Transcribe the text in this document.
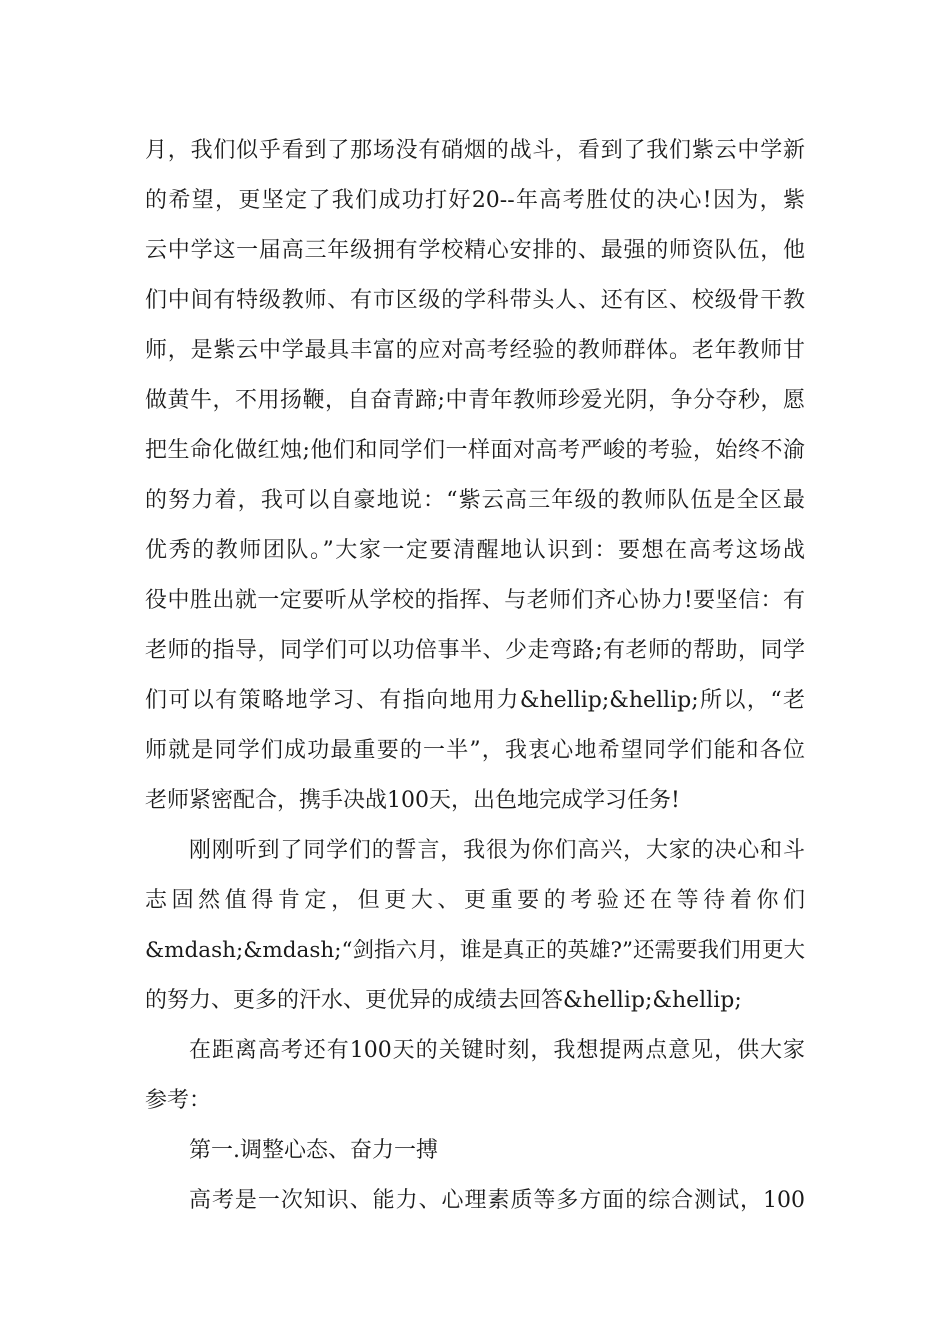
月，我们似乎看到了那场没有硝烟的战斗，看到了我们紫云中学新
的希望，更坚定了我们成功打好20--年高考胜仗的决心!因为，紫
云中学这一届高三年级拥有学校精心安排的、最强的师资队伍，他
们中间有特级教师、有市区级的学科带头人、还有区、校级骨干教
师，是紫云中学最具丰富的应对高考经验的教师群体。老年教师甘
做黄牛，不用扬鞭，自奋青蹄;中青年教师珍爱光阴，争分夺秒，愿
把生命化做红烛;他们和同学们一样面对高考严峻的考验，始终不渝
的努力着，我可以自豪地说：“紫云高三年级的教师队伍是全区最
优秀的教师团队。”大家一定要清醒地认识到：要想在高考这场战
役中胜出就一定要听从学校的指挥、与老师们齐心协力!要坚信：有
老师的指导，同学们可以功倍事半、少走弯路;有老师的帮助，同学
们可以有策略地学习、有指向地用力&hellip;&hellip;所以，“老
师就是同学们成功最重要的一半”，我衷心地希望同学们能和各位
老师紧密配合，携手决战100天，出色地完成学习任务!
刚刚听到了同学们的誓言，我很为你们高兴，大家的决心和斗
志固然值得肯定，但更大、更重要的考验还在等待着你们
&mdash;&mdash;“剑指六月，谁是真正的英雄?”还需要我们用更大
的努力、更多的汗水、更优异的成绩去回答&hellip;&hellip;
在距离高考还有100天的关键时刻，我想提两点意见，供大家
参考：
第一.调整心态、奋力一搏
高考是一次知识、能力、心理素质等多方面的综合测试，100
